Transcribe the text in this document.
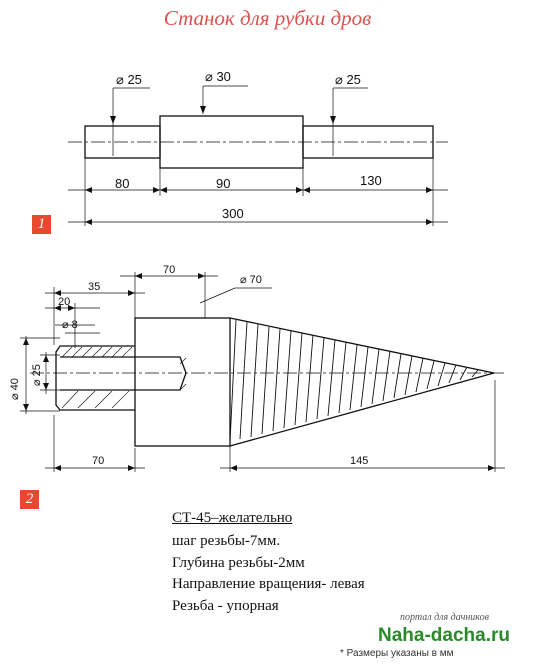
Станок для рубки дров
⌀ 25	⌀ 30	⌀ 25
80	90	130
300
⌀ 70
70
35
20
⌀ 8
⌀ 40
⌀ 25
70	145
1
2
СТ-45–желательно
шаг резьбы-7мм.
Глубина резьбы-2мм
Направление вращения- левая
Резьба - упорная
портал для дачников
Naha-dacha.ru
* Размеры указаны в мм
